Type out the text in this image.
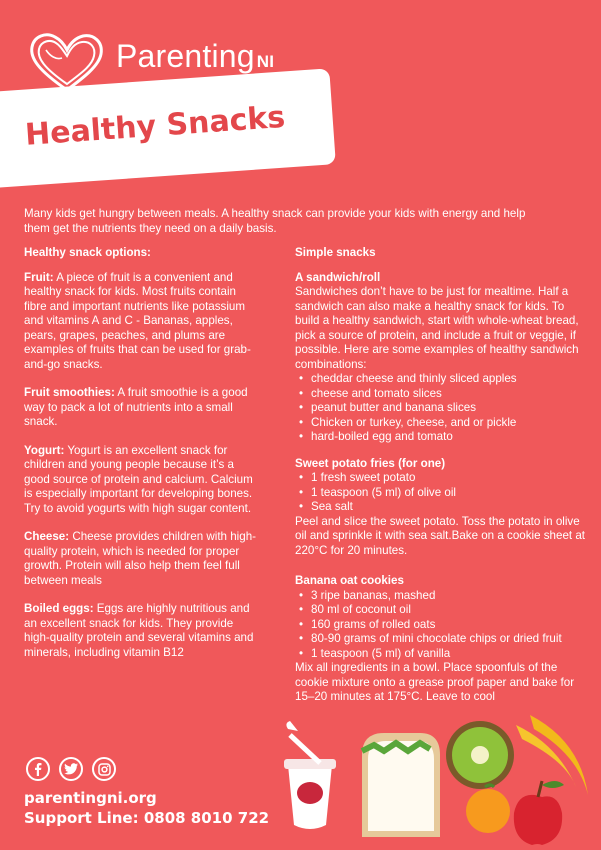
Parenting NI
Healthy Snacks

Many kids get hungry between meals. A healthy snack can provide your kids with energy and help them get the nutrients they need on a daily basis.

Healthy snack options:

Fruit: A piece of fruit is a convenient and healthy snack for kids. Most fruits contain fibre and important nutrients like potassium and vitamins A and C - Bananas, apples, pears, grapes, peaches, and plums are examples of fruits that can be used for grab-and-go snacks.

Fruit smoothies: A fruit smoothie is a good way to pack a lot of nutrients into a small snack.

Yogurt: Yogurt is an excellent snack for children and young people because it’s a good source of protein and calcium. Calcium is especially important for developing bones. Try to avoid yogurts with high sugar content.

Cheese: Cheese provides children with high-quality protein, which is needed for proper growth. Protein will also help them feel full between meals

Boiled eggs: Eggs are highly nutritious and an excellent snack for kids. They provide high-quality protein and several vitamins and minerals, including vitamin B12

Simple snacks
A sandwich/roll
Sandwiches don’t have to be just for mealtime. Half a sandwich can also make a healthy snack for kids. To build a healthy sandwich, start with whole-wheat bread, pick a source of protein, and include a fruit or veggie, if possible. Here are some examples of healthy sandwich combinations:
• cheddar cheese and thinly sliced apples
• cheese and tomato slices
• peanut butter and banana slices
• Chicken or turkey, cheese, and or pickle
• hard-boiled egg and tomato
Sweet potato fries (for one)
• 1 fresh sweet potato
• 1 teaspoon (5 ml) of olive oil
• Sea salt
Peel and slice the sweet potato. Toss the potato in olive oil and sprinkle it with sea salt.Bake on a cookie sheet at 220°C for 20 minutes.
Banana oat cookies
• 3 ripe bananas, mashed
• 80 ml of coconut oil
• 160 grams of rolled oats
• 80-90 grams of mini chocolate chips or dried fruit
• 1 teaspoon (5 ml) of vanilla
Mix all ingredients in a bowl. Place spoonfuls of the cookie mixture onto a grease proof paper and bake for 15–20 minutes at 175°C. Leave to cool
parentingni.org
Support Line: 0808 8010 722
